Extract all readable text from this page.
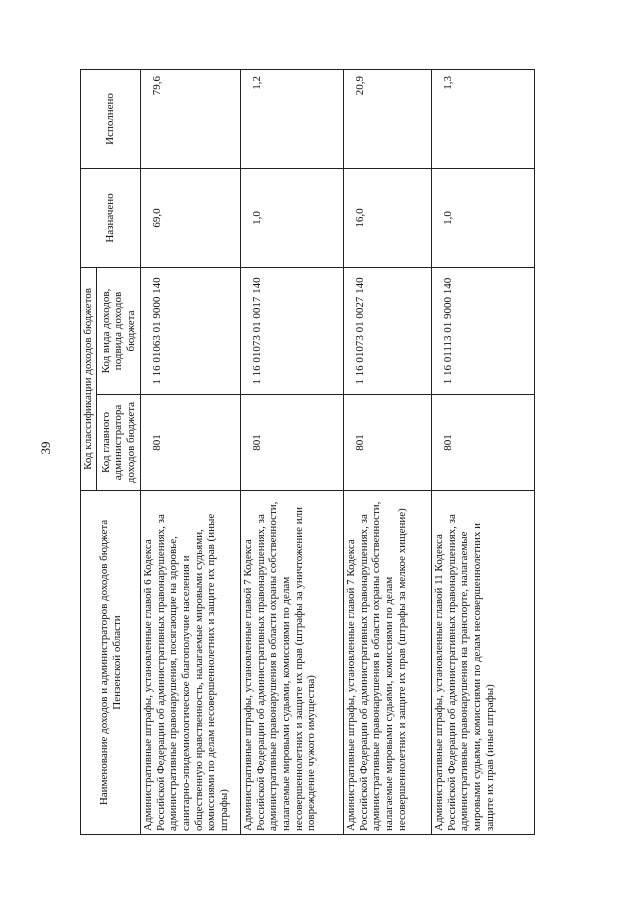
39
Наименование доходов и администраторов доходов бюджета Пензенской области	Код классификации доходов бюджетов		Назначено	Исполнено
	Код главного администратора доходов бюджета	Код вида доходов, подвида доходов бюджета		
Административные штрафы, установленные главой 6 Кодекса Российской Федерации об административных правонарушениях, за административные правонарушения, посягающие на здоровье, санитарно-эпидемиологическое благополучие населения и общественную нравственность, налагаемые мировыми судьями, комиссиями по делам несовершеннолетних и защите их прав (иные штрафы)	801	1 16 01063 01 9000 140	69,0	79,6
Административные штрафы, установленные главой 7 Кодекса Российской Федерации об административных правонарушениях, за административные правонарушения в области охраны собственности, налагаемые мировыми судьями, комиссиями по делам несовершеннолетних и защите их прав (штрафы за уничтожение или повреждение чужого имущества)	801	1 16 01073 01 0017 140	1,0	1,2
Административные штрафы, установленные главой 7 Кодекса Российской Федерации об административных правонарушениях, за административные правонарушения в области охраны собственности, налагаемые мировыми судьями, комиссиями по делам несовершеннолетних и защите их прав (штрафы за мелкое хищение)	801	1 16 01073 01 0027 140	16,0	20,9
Административные штрафы, установленные главой 11 Кодекса Российской Федерации об административных правонарушениях, за административные правонарушения на транспорте, налагаемые мировыми судьями, комиссиями по делам несовершеннолетних и защите их прав (иные штрафы)	801	1 16 01113 01 9000 140	1,0	1,3
